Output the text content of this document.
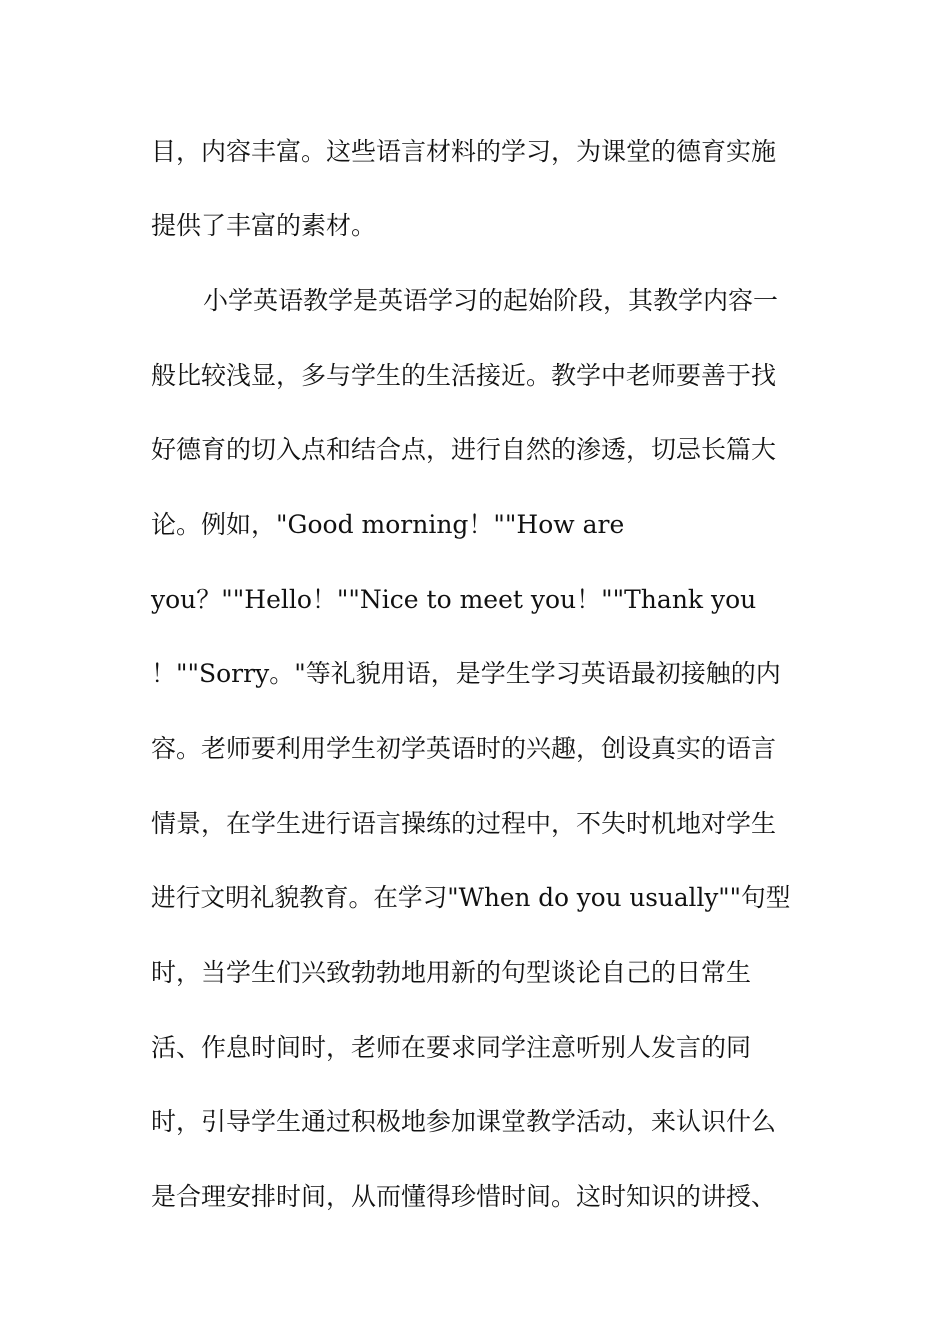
目，内容丰富。这些语言材料的学习，为课堂的德育实施
提供了丰富的素材。
小学英语教学是英语学习的起始阶段，其教学内容一
般比较浅显，多与学生的生活接近。教学中老师要善于找
好德育的切入点和结合点，进行自然的渗透，切忌长篇大
论。例如，"Good morning！""How are
you？""Hello！""Nice to meet you！""Thank you
！""Sorry。"等礼貌用语，是学生学习英语最初接触的内
容。老师要利用学生初学英语时的兴趣，创设真实的语言
情景，在学生进行语言操练的过程中，不失时机地对学生
进行文明礼貌教育。在学习"When do you usually""句型
时，当学生们兴致勃勃地用新的句型谈论自己的日常生
活、作息时间时，老师在要求同学注意听别人发言的同
时，引导学生通过积极地参加课堂教学活动，来认识什么
是合理安排时间，从而懂得珍惜时间。这时知识的讲授、
